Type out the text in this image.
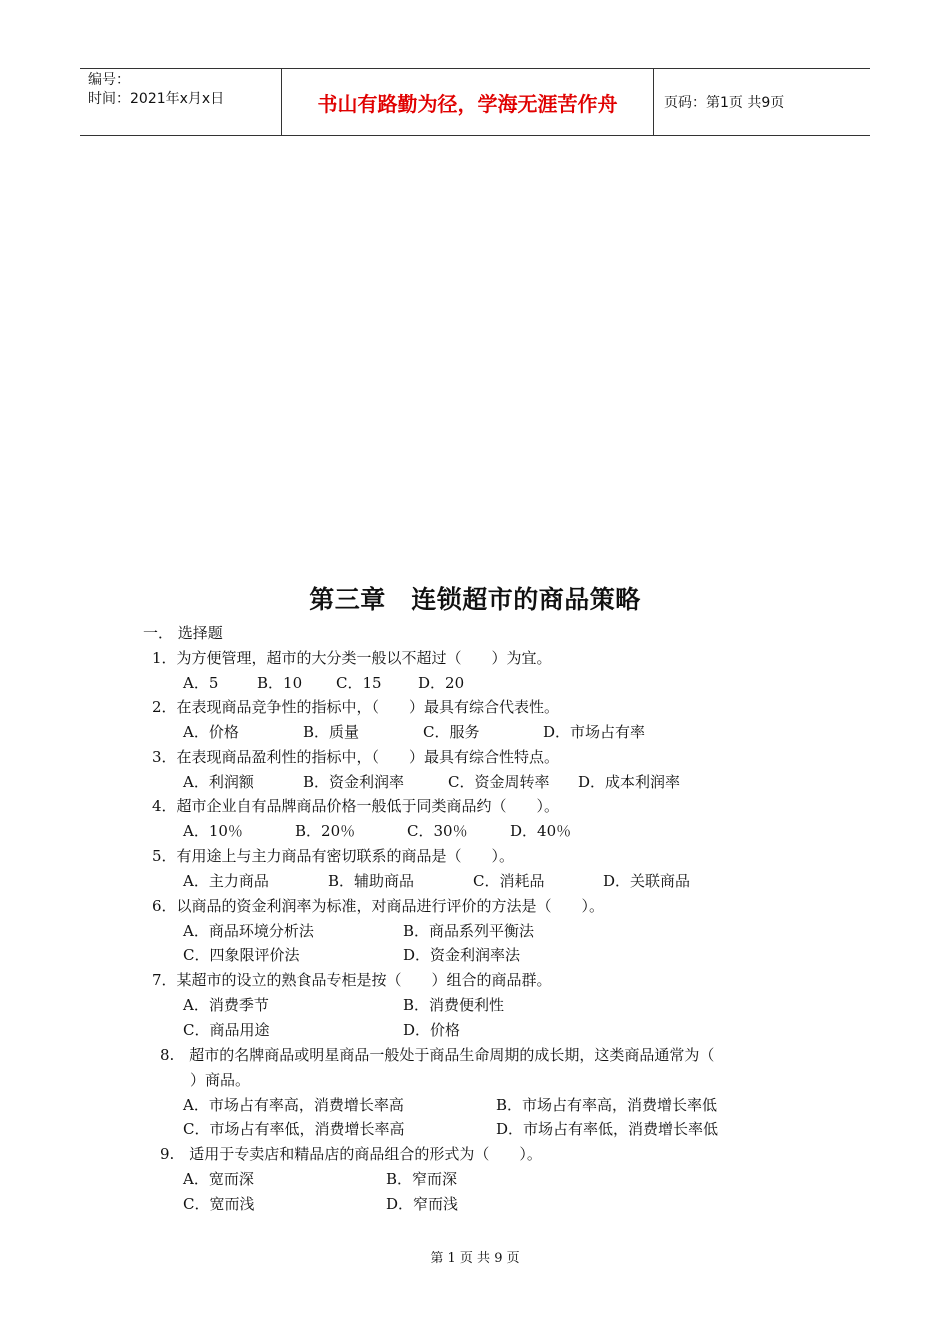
编号：
时间：2021年x月x日	书山有路勤为径，学海无涯苦作舟	页码：第1页 共9页
第三章　连锁超市的商品策略
一． 选择题
1．为方便管理，超市的大分类一般以不超过（　　）为宜。
A．5	B．10 C．15 D．20
2．在表现商品竞争性的指标中，（　　）最具有综合代表性。
A．价格	B．质量	C．服务	D．市场占有率
3．在表现商品盈利性的指标中，（　　）最具有综合性特点。
A．利润额	B．资金利润率	C．资金周转率 D．成本利润率
4．超市企业自有品牌商品价格一般低于同类商品约（　　）。
A．10％	B．20％	C．30％	D．40％
5．有用途上与主力商品有密切联系的商品是（　　）。
A．主力商品	B．辅助商品	C．消耗品	D．关联商品
6．以商品的资金利润率为标准，对商品进行评价的方法是（　　）。
A．商品环境分析法	B．商品系列平衡法
C．四象限评价法	D．资金利润率法
7．某超市的设立的熟食品专柜是按（　　）组合的商品群。
A．消费季节	B．消费便利性
C．商品用途	D．价格
8.　超市的名牌商品或明星商品一般处于商品生命周期的成长期，这类商品通常为（
）商品。
A．市场占有率高，消费增长率高	B．市场占有率高，消费增长率低
C．市场占有率低，消费增长率高	D．市场占有率低，消费增长率低
9.　适用于专卖店和精品店的商品组合的形式为（　　）。
A．宽而深	B．窄而深
C．宽而浅	D．窄而浅
第 1 页 共 9 页
